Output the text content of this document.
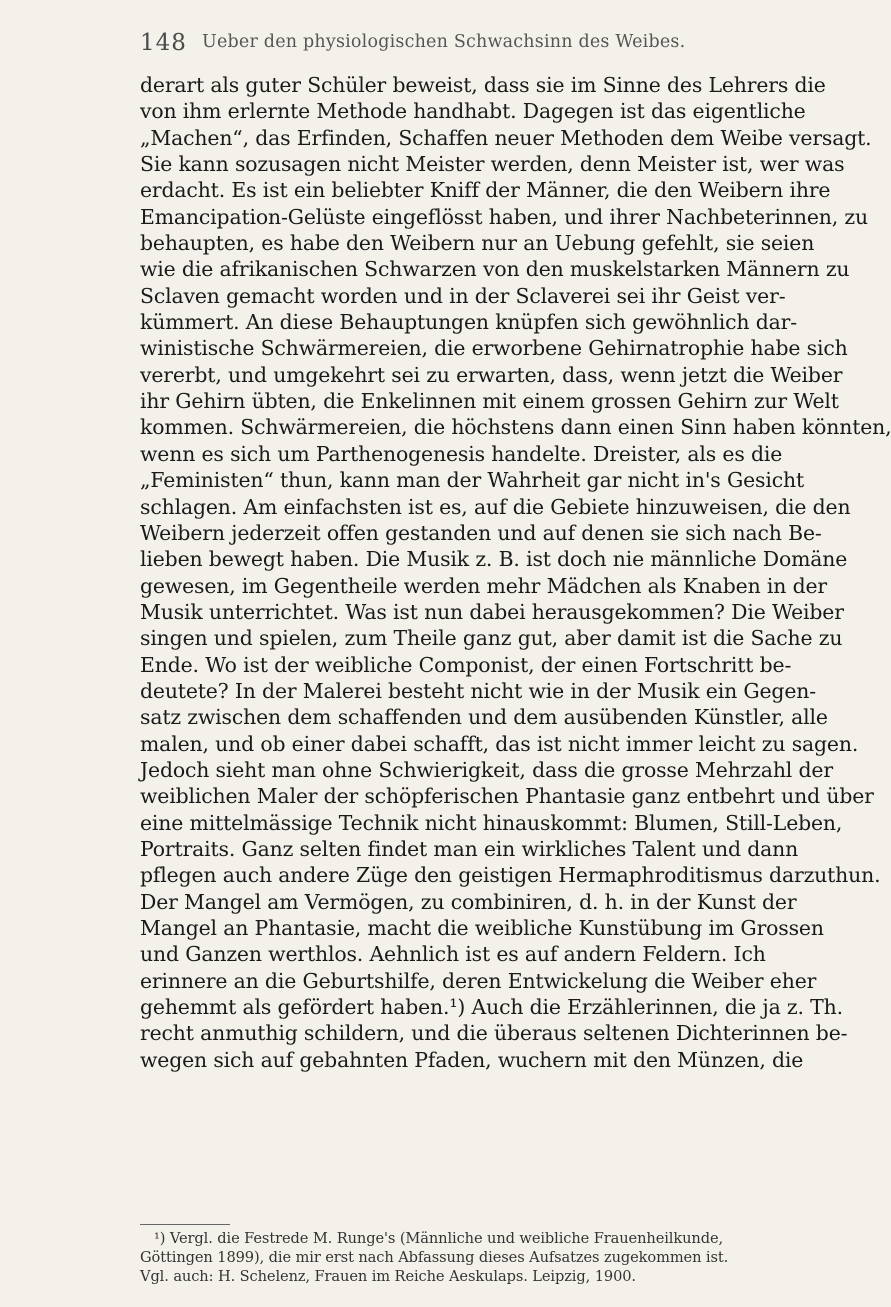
148 Ueber den physiologischen Schwachsinn des Weibes.
derart als guter Schüler beweist, dass sie im Sinne des Lehrers die
von ihm erlernte Methode handhabt. Dagegen ist das eigentliche
„Machen“, das Erfinden, Schaffen neuer Methoden dem Weibe versagt.
Sie kann sozusagen nicht Meister werden, denn Meister ist, wer was
erdacht. Es ist ein beliebter Kniff der Männer, die den Weibern ihre
Emancipation-Gelüste eingeflösst haben, und ihrer Nachbeterinnen, zu
behaupten, es habe den Weibern nur an Uebung gefehlt, sie seien
wie die afrikanischen Schwarzen von den muskelstarken Männern zu
Sclaven gemacht worden und in der Sclaverei sei ihr Geist ver-
kümmert. An diese Behauptungen knüpfen sich gewöhnlich dar-
winistische Schwärmereien, die erworbene Gehirnatrophie habe sich
vererbt, und umgekehrt sei zu erwarten, dass, wenn jetzt die Weiber
ihr Gehirn übten, die Enkelinnen mit einem grossen Gehirn zur Welt
kommen. Schwärmereien, die höchstens dann einen Sinn haben könnten,
wenn es sich um Parthenogenesis handelte. Dreister, als es die
„Feministen“ thun, kann man der Wahrheit gar nicht in's Gesicht
schlagen. Am einfachsten ist es, auf die Gebiete hinzuweisen, die den
Weibern jederzeit offen gestanden und auf denen sie sich nach Be-
lieben bewegt haben. Die Musik z. B. ist doch nie männliche Domäne
gewesen, im Gegentheile werden mehr Mädchen als Knaben in der
Musik unterrichtet. Was ist nun dabei herausgekommen? Die Weiber
singen und spielen, zum Theile ganz gut, aber damit ist die Sache zu
Ende. Wo ist der weibliche Componist, der einen Fortschritt be-
deutete? In der Malerei besteht nicht wie in der Musik ein Gegen-
satz zwischen dem schaffenden und dem ausübenden Künstler, alle
malen, und ob einer dabei schafft, das ist nicht immer leicht zu sagen.
Jedoch sieht man ohne Schwierigkeit, dass die grosse Mehrzahl der
weiblichen Maler der schöpferischen Phantasie ganz entbehrt und über
eine mittelmässige Technik nicht hinauskommt: Blumen, Still-Leben,
Portraits. Ganz selten findet man ein wirkliches Talent und dann
pflegen auch andere Züge den geistigen Hermaphroditismus darzuthun.
Der Mangel am Vermögen, zu combiniren, d. h. in der Kunst der
Mangel an Phantasie, macht die weibliche Kunstübung im Grossen
und Ganzen werthlos. Aehnlich ist es auf andern Feldern. Ich
erinnere an die Geburtshilfe, deren Entwickelung die Weiber eher
gehemmt als gefördert haben.¹) Auch die Erzählerinnen, die ja z. Th.
recht anmuthig schildern, und die überaus seltenen Dichterinnen be-
wegen sich auf gebahnten Pfaden, wuchern mit den Münzen, die
¹) Vergl. die Festrede M. Runge's (Männliche und weibliche Frauenheilkunde,
Göttingen 1899), die mir erst nach Abfassung dieses Aufsatzes zugekommen ist.
Vgl. auch: H. Schelenz, Frauen im Reiche Aeskulaps. Leipzig, 1900.
